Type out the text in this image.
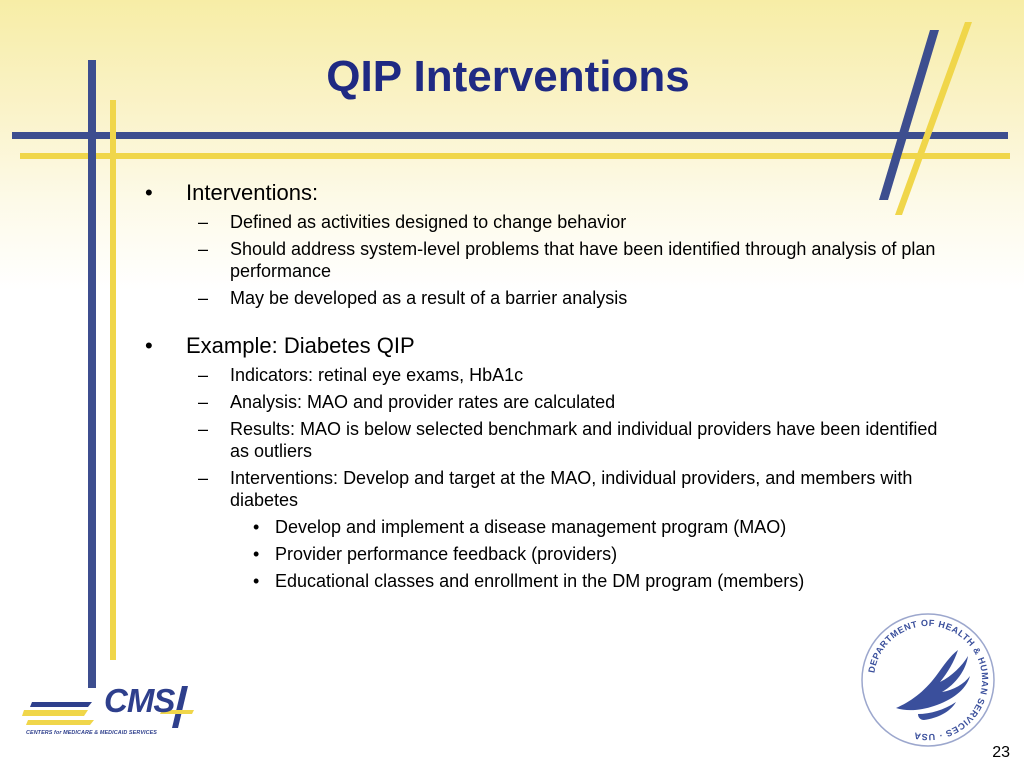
QIP Interventions
• Interventions:
– Defined as activities designed to change behavior
– Should address system-level problems that have been identified through analysis of plan performance
– May be developed as a result of a barrier analysis
• Example: Diabetes QIP
– Indicators: retinal eye exams, HbA1c
– Analysis: MAO and provider rates are calculated
– Results: MAO is below selected benchmark and individual providers have been identified as outliers
– Interventions: Develop and target at the MAO, individual providers, and members with diabetes
• Develop and implement a disease management program (MAO)
• Provider performance feedback (providers)
• Educational classes and enrollment in the DM program (members)
CMS
CENTERS for MEDICARE & MEDICAID SERVICES
DEPARTMENT OF HEALTH & HUMAN SERVICES · USA
23
